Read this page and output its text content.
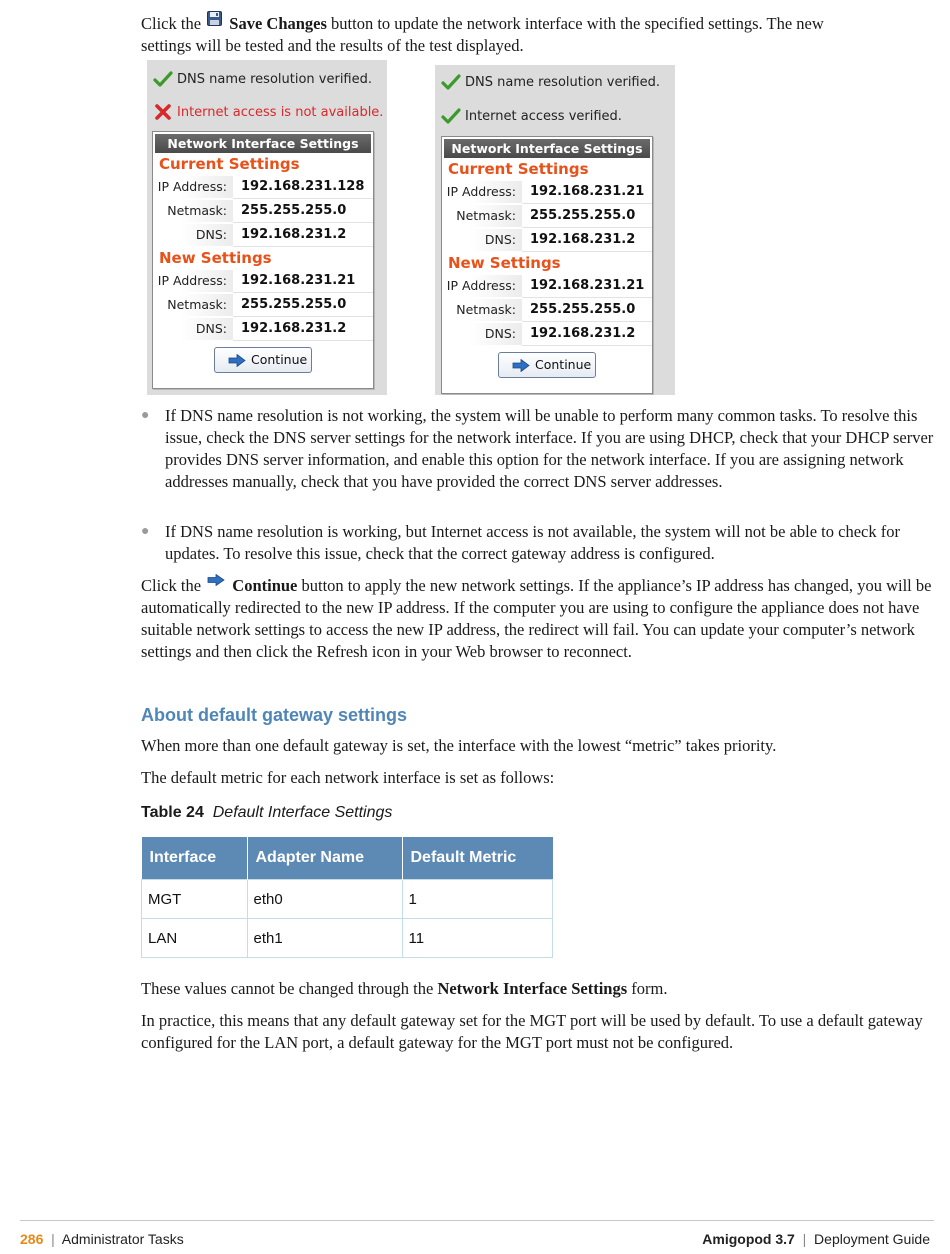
Click the Save Changes button to update the network interface with the specified settings. The new
settings will be tested and the results of the test displayed.
DNS name resolution verified.
Internet access is not available.
Network Interface Settings
Current Settings
IP Address:	192.168.231.128
Netmask:	255.255.255.0
DNS:	192.168.231.2
New Settings
IP Address:	192.168.231.21
Netmask:	255.255.255.0
DNS:	192.168.231.2
Continue
DNS name resolution verified.
Internet access verified.
Network Interface Settings
Current Settings
IP Address:	192.168.231.21
Netmask:	255.255.255.0
DNS:	192.168.231.2
New Settings
IP Address:	192.168.231.21
Netmask:	255.255.255.0
DNS:	192.168.231.2
Continue
● If DNS name resolution is not working, the system will be unable to perform many common tasks. To resolve this issue, check the DNS server settings for the network interface. If you are using DHCP, check that your DHCP server provides DNS server information, and enable this option for the network interface. If you are assigning network addresses manually, check that you have provided the correct DNS server addresses.
● If DNS name resolution is working, but Internet access is not available, the system will not be able to check for updates. To resolve this issue, check that the correct gateway address is configured.
Click the Continue button to apply the new network settings. If the appliance’s IP address has changed, you will be automatically redirected to the new IP address. If the computer you are using to configure the appliance does not have suitable network settings to access the new IP address, the redirect will fail. You can update your computer’s network settings and then click the Refresh icon in your Web browser to reconnect.
About default gateway settings

When more than one default gateway is set, the interface with the lowest “metric” takes priority.

The default metric for each network interface is set as follows:

Table 24 Default Interface Settings
Interface	Adapter Name	Default Metric
MGT	eth0	1
LAN	eth1	11

These values cannot be changed through the Network Interface Settings form.

In practice, this means that any default gateway set for the MGT port will be used by default. To use a default gateway configured for the LAN port, a default gateway for the MGT port must not be configured.

286  |  Administrator Tasks	Amigopod 3.7  |  Deployment Guide
